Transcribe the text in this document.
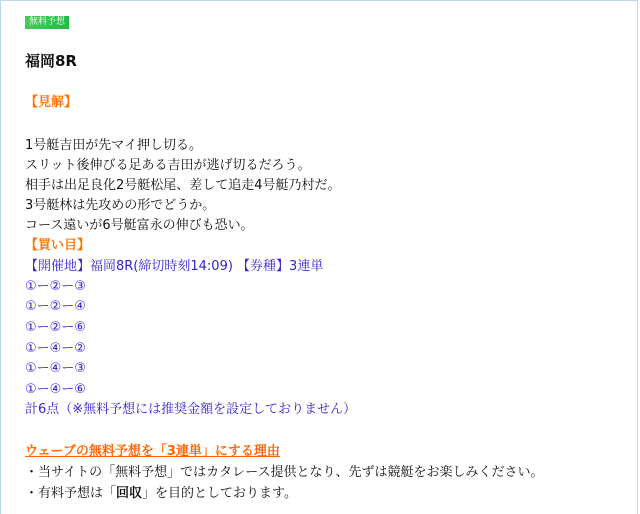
無料予想
福岡8R
【見解】
1号艇吉田が先マイ押し切る。
スリット後伸びる足ある吉田が逃げ切るだろう。
相手は出足良化2号艇松尾、差して追走4号艇乃村だ。
3号艇林は先攻めの形でどうか。
コース遠いが6号艇富永の伸びも恐い。
【買い目】
【開催地】福岡8R(締切時刻14:09) 【券種】3連単
①ー②ー③
①ー②ー④
①ー②ー⑥
①ー④ー②
①ー④ー③
①ー④ー⑥
計6点（※無料予想には推奨金額を設定しておりません）
ウェーブの無料予想を「3連単」にする理由
・当サイトの「無料予想」ではカタレース提供となり、先ずは競艇をお楽しみください。
・有料予想は「回収」を目的としております。
